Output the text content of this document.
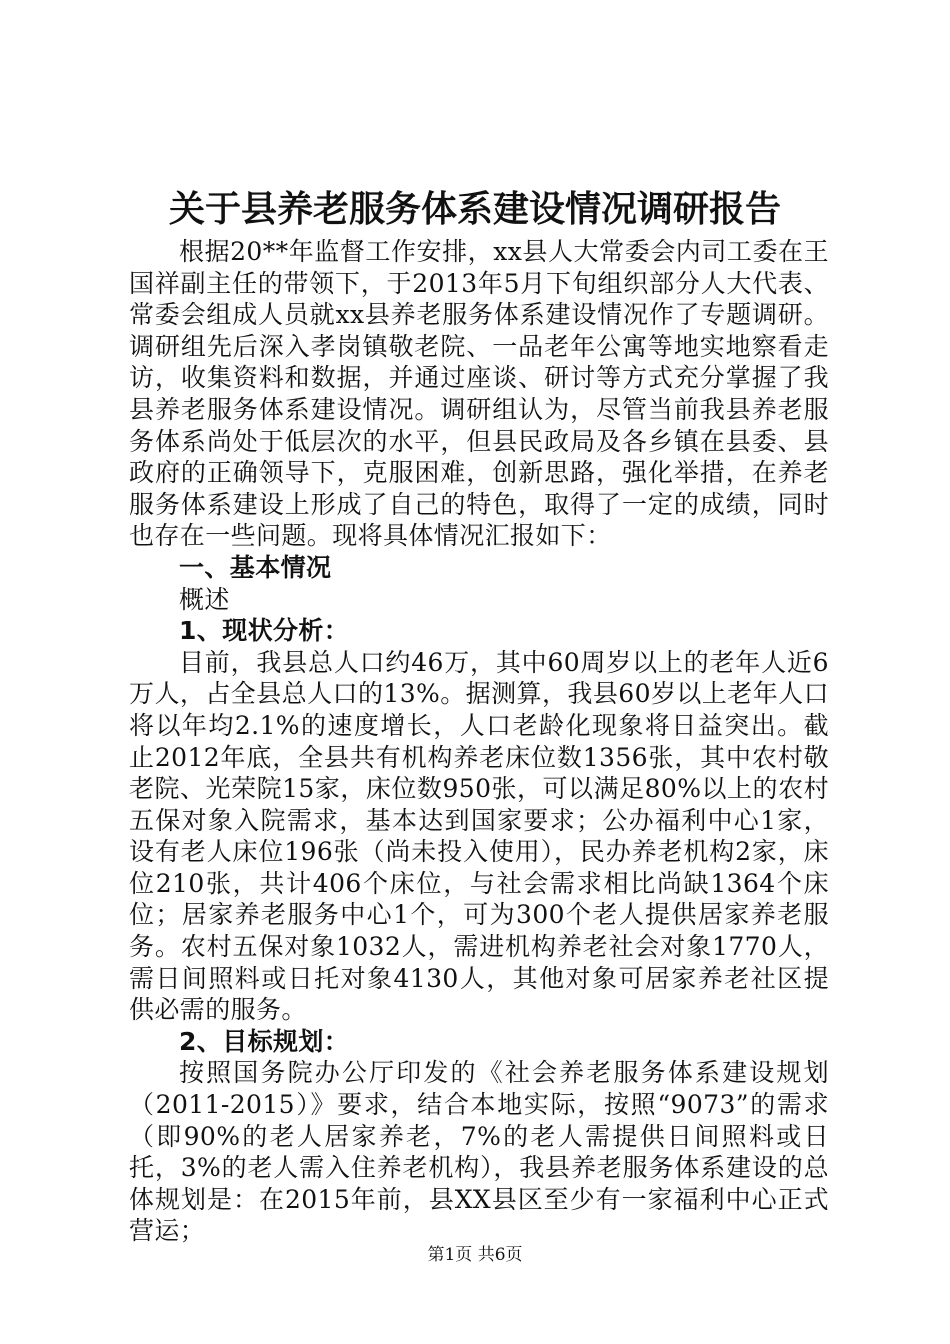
关于县养老服务体系建设情况调研报告

根据20**年监督工作安排，xx县人大常委会内司工委在王国祥副主任的带领下，于2013年5月下旬组织部分人大代表、常委会组成人员就xx县养老服务体系建设情况作了专题调研。调研组先后深入孝岗镇敬老院、一品老年公寓等地实地察看走访，收集资料和数据，并通过座谈、研讨等方式充分掌握了我县养老服务体系建设情况。调研组认为，尽管当前我县养老服务体系尚处于低层次的水平，但县民政局及各乡镇在县委、县政府的正确领导下，克服困难，创新思路，强化举措，在养老服务体系建设上形成了自己的特色，取得了一定的成绩，同时也存在一些问题。现将具体情况汇报如下：

一、基本情况

概述

1、现状分析：

目前，我县总人口约46万，其中60周岁以上的老年人近6万人，占全县总人口的13%。据测算，我县60岁以上老年人口将以年均2.1%的速度增长，人口老龄化现象将日益突出。截止2012年底，全县共有机构养老床位数1356张，其中农村敬老院、光荣院15家，床位数950张，可以满足80%以上的农村五保对象入院需求，基本达到国家要求；公办福利中心1家，设有老人床位196张（尚未投入使用），民办养老机构2家，床位210张，共计406个床位，与社会需求相比尚缺1364个床位；居家养老服务中心1个，可为300个老人提供居家养老服务。农村五保对象1032人，需进机构养老社会对象1770人，需日间照料或日托对象4130人，其他对象可居家养老社区提供必需的服务。

2、目标规划：

按照国务院办公厅印发的《社会养老服务体系建设规划（2011-2015）》要求，结合本地实际，按照“9073”的需求（即90%的老人居家养老，7%的老人需提供日间照料或日托，3%的老人需入住养老机构），我县养老服务体系建设的总体规划是：在2015年前，县XX县区至少有一家福利中心正式营运；

第1页 共6页
